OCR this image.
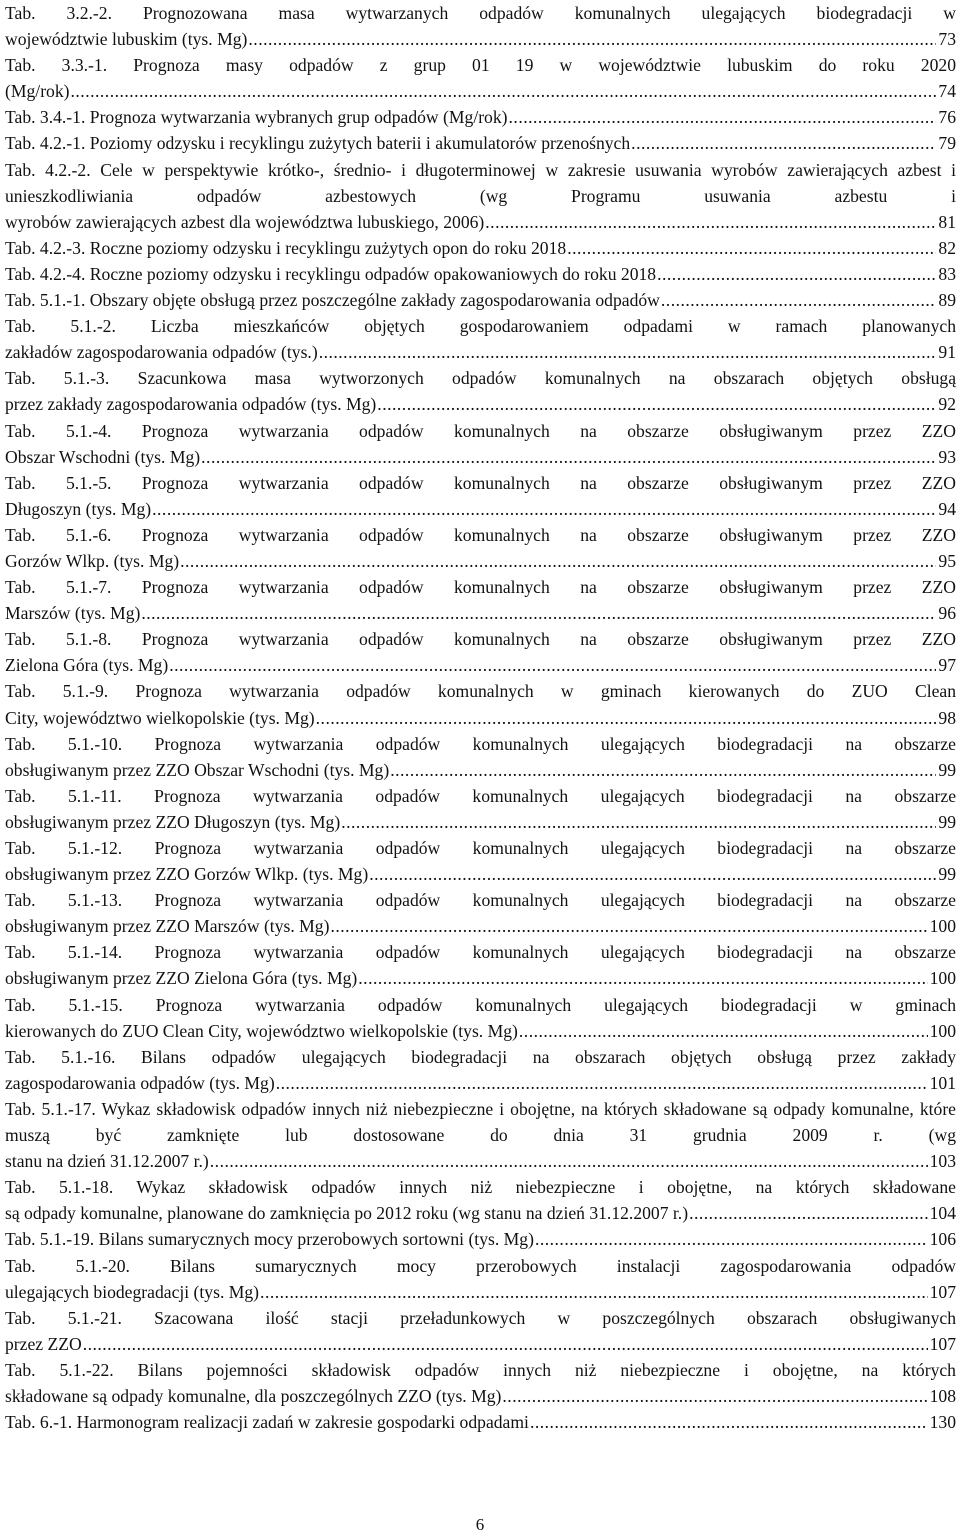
Tab. 3.2.-2. Prognozowana masa wytwarzanych odpadów komunalnych ulegających biodegradacji w
województwie lubuskim (tys. Mg) .....	73
Tab. 3.3.-1. Prognoza masy odpadów z grup 01 19 w województwie lubuskim do roku 2020
(Mg/rok) .....	74
Tab. 3.4.-1. Prognoza wytwarzania wybranych grup odpadów (Mg/rok) .....	76
Tab. 4.2.-1. Poziomy odzysku i recyklingu zużytych baterii i akumulatorów przenośnych .....	79
Tab. 4.2.-2. Cele w perspektywie krótko-, średnio- i długoterminowej w zakresie usuwania wyrobów zawierających azbest i unieszkodliwiania odpadów azbestowych (wg Programu usuwania azbestu i
wyrobów zawierających azbest dla województwa lubuskiego, 2006) .....	81
Tab. 4.2.-3. Roczne poziomy odzysku i recyklingu zużytych opon do roku 2018 .....	82
Tab. 4.2.-4. Roczne poziomy odzysku i recyklingu odpadów opakowaniowych do roku 2018 .....	83
Tab. 5.1.-1. Obszary objęte obsługą przez poszczególne zakłady zagospodarowania odpadów .....	89
Tab. 5.1.-2. Liczba mieszkańców objętych gospodarowaniem odpadami w ramach planowanych
zakładów zagospodarowania odpadów (tys.) .....	91
Tab. 5.1.-3. Szacunkowa masa wytworzonych odpadów komunalnych na obszarach objętych obsługą
przez zakłady zagospodarowania odpadów (tys. Mg) .....	92
Tab. 5.1.-4. Prognoza wytwarzania odpadów komunalnych na obszarze obsługiwanym przez ZZO
Obszar Wschodni (tys. Mg) .....	93
Tab. 5.1.-5. Prognoza wytwarzania odpadów komunalnych na obszarze obsługiwanym przez ZZO
Długoszyn (tys. Mg) .....	94
Tab. 5.1.-6. Prognoza wytwarzania odpadów komunalnych na obszarze obsługiwanym przez ZZO
Gorzów Wlkp. (tys. Mg) .....	95
Tab. 5.1.-7. Prognoza wytwarzania odpadów komunalnych na obszarze obsługiwanym przez ZZO
Marszów (tys. Mg) .....	96
Tab. 5.1.-8. Prognoza wytwarzania odpadów komunalnych na obszarze obsługiwanym przez ZZO
Zielona Góra (tys. Mg) .....	97
Tab. 5.1.-9. Prognoza wytwarzania odpadów komunalnych w gminach kierowanych do ZUO Clean
City, województwo wielkopolskie (tys. Mg) .....	98
Tab. 5.1.-10. Prognoza wytwarzania odpadów komunalnych ulegających biodegradacji na obszarze
obsługiwanym przez ZZO Obszar Wschodni (tys. Mg) .....	99
Tab. 5.1.-11. Prognoza wytwarzania odpadów komunalnych ulegających biodegradacji na obszarze
obsługiwanym przez ZZO Długoszyn (tys. Mg) .....	99
Tab. 5.1.-12. Prognoza wytwarzania odpadów komunalnych ulegających biodegradacji na obszarze
obsługiwanym przez ZZO Gorzów Wlkp. (tys. Mg) .....	99
Tab. 5.1.-13. Prognoza wytwarzania odpadów komunalnych ulegających biodegradacji na obszarze
obsługiwanym przez ZZO Marszów (tys. Mg) .....	100
Tab. 5.1.-14. Prognoza wytwarzania odpadów komunalnych ulegających biodegradacji na obszarze
obsługiwanym przez ZZO Zielona Góra (tys. Mg) .....	100
Tab. 5.1.-15. Prognoza wytwarzania odpadów komunalnych ulegających biodegradacji w gminach
kierowanych do ZUO Clean City, województwo wielkopolskie (tys. Mg) .....	100
Tab. 5.1.-16. Bilans odpadów ulegających biodegradacji na obszarach objętych obsługą przez zakłady
zagospodarowania odpadów (tys. Mg) .....	101
Tab. 5.1.-17. Wykaz składowisk odpadów innych niż niebezpieczne i obojętne, na których składowane są odpady komunalne, które muszą być zamknięte lub dostosowane do dnia 31 grudnia 2009 r. (wg
stanu na dzień 31.12.2007 r.) .....	103
Tab. 5.1.-18. Wykaz składowisk odpadów innych niż niebezpieczne i obojętne, na których składowane
są odpady komunalne, planowane do zamknięcia po 2012 roku (wg stanu na dzień 31.12.2007 r.) .....	104
Tab. 5.1.-19. Bilans sumarycznych mocy przerobowych sortowni (tys. Mg) .....	106
Tab. 5.1.-20. Bilans sumarycznych mocy przerobowych instalacji zagospodarowania odpadów
ulegających biodegradacji (tys. Mg) .....	107
Tab. 5.1.-21. Szacowana ilość stacji przeładunkowych w poszczególnych obszarach obsługiwanych
przez ZZO .....	107
Tab. 5.1.-22. Bilans pojemności składowisk odpadów innych niż niebezpieczne i obojętne, na których
składowane są odpady komunalne, dla poszczególnych ZZO (tys. Mg) .....	108
Tab. 6.-1. Harmonogram realizacji zadań w zakresie gospodarki odpadami .....	130
6
